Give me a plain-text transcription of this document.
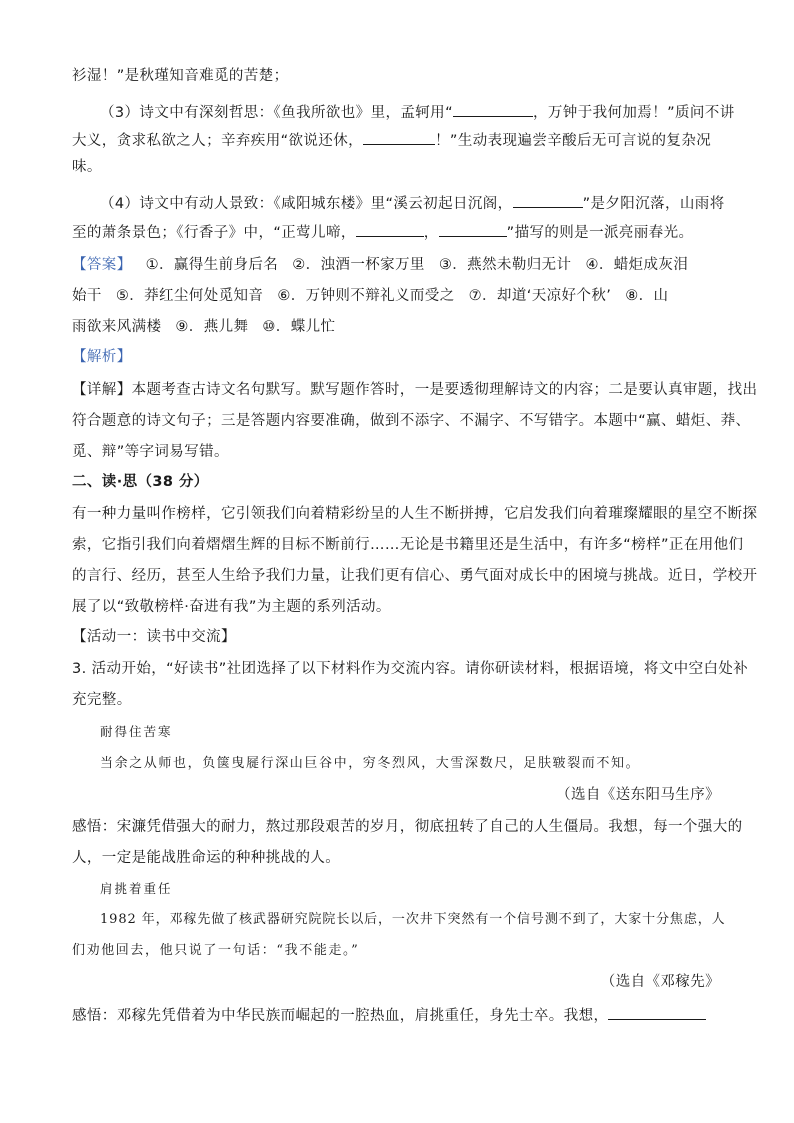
衫湿！”是秋瑾知音难觅的苦楚；
（3）诗文中有深刻哲思：《鱼我所欲也》里，孟轲用“	，万钟于我何加焉！”质问不讲
大义，贪求私欲之人；辛弃疾用“欲说还休，	！”生动表现遍尝辛酸后无可言说的复杂况
味。
（4）诗文中有动人景致：《咸阳城东楼》里“溪云初起日沉阁，	”是夕阳沉落，山雨将
至的萧条景色；《行香子》中，“正莺儿啼，	，	”描写的则是一派亮丽春光。
【答案】 ①．赢得生前身后名 ②．浊酒一杯家万里 ③．燕然未勒归无计 ④．蜡炬成灰泪
始干 ⑤．莽红尘何处觅知音 ⑥．万钟则不辩礼义而受之 ⑦．却道‘天凉好个秋’ ⑧．山
雨欲来风满楼 ⑨．燕儿舞 ⑩．蝶儿忙
【解析】
【详解】本题考查古诗文名句默写。默写题作答时，一是要透彻理解诗文的内容；二是要认真审题，找出
符合题意的诗文句子；三是答题内容要准确，做到不添字、不漏字、不写错字。本题中“赢、蜡炬、莽、
觅、辩”等字词易写错。
二、读·思（38 分）
有一种力量叫作榜样，它引领我们向着精彩纷呈的人生不断拼搏，它启发我们向着璀璨耀眼的星空不断探
索，它指引我们向着熠熠生辉的目标不断前行……无论是书籍里还是生活中，有许多“榜样”正在用他们
的言行、经历，甚至人生给予我们力量，让我们更有信心、勇气面对成长中的困境与挑战。近日，学校开
展了以“致敬榜样·奋进有我”为主题的系列活动。
【活动一：读书中交流】
3. 活动开始，“好读书”社团选择了以下材料作为交流内容。请你研读材料，根据语境，将文中空白处补
充完整。
耐得住苦寒
当余之从师也，负箧曳屣行深山巨谷中，穷冬烈风，大雪深数尺，足肤皲裂而不知。
（选自《送东阳马生序》
感悟：宋濂凭借强大的耐力，熬过那段艰苦的岁月，彻底扭转了自己的人生僵局。我想，每一个强大的
人，一定是能战胜命运的种种挑战的人。
肩挑着重任
1982 年，邓稼先做了核武器研究院院长以后，一次井下突然有一个信号测不到了，大家十分焦虑，人
们劝他回去，他只说了一句话：“我不能走。”
（选自《邓稼先》
感悟：邓稼先凭借着为中华民族而崛起的一腔热血，肩挑重任，身先士卒。我想，
